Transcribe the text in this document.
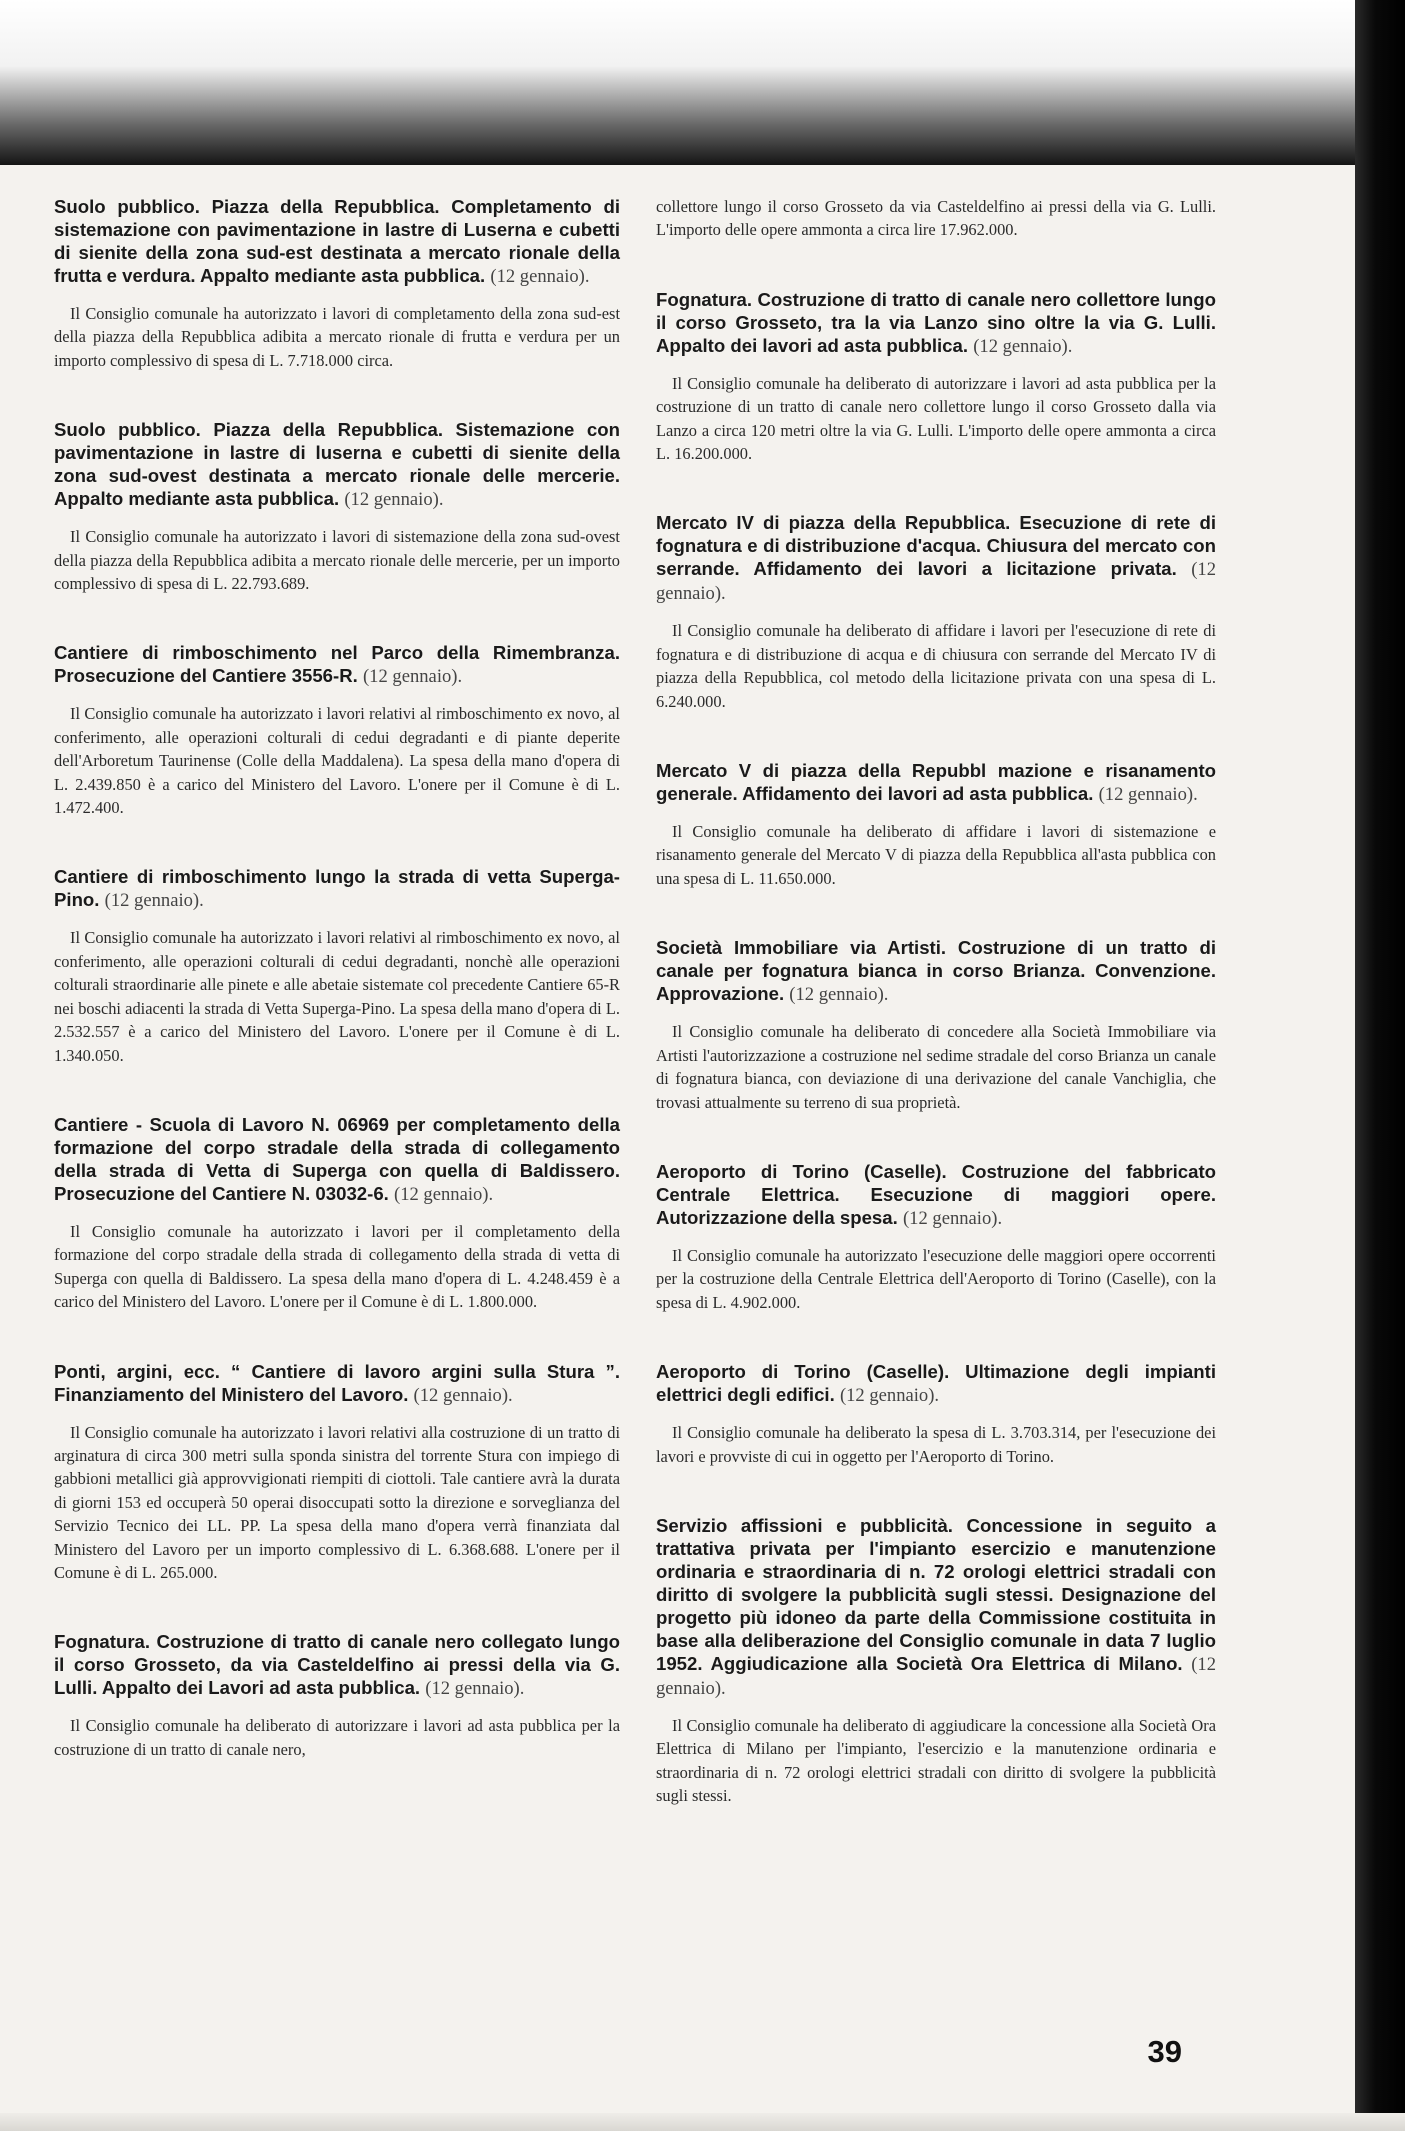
Suolo pubblico. Piazza della Repubblica. Completamento di sistemazione con pavimentazione in lastre di Luserna e cubetti di sienite della zona sud-est destinata a mercato rionale della frutta e verdura. Appalto mediante asta pubblica. (12 gennaio).

Il Consiglio comunale ha autorizzato i lavori di completamento della zona sud-est della piazza della Repubblica adibita a mercato rionale di frutta e verdura per un importo complessivo di spesa di L. 7.718.000 circa.

Suolo pubblico. Piazza della Repubblica. Sistemazione con pavimentazione in lastre di luserna e cubetti di sienite della zona sud-ovest destinata a mercato rionale delle mercerie. Appalto mediante asta pubblica. (12 gennaio).

Il Consiglio comunale ha autorizzato i lavori di sistemazione della zona sud-ovest della piazza della Repubblica adibita a mercato rionale delle mercerie, per un importo complessivo di spesa di L. 22.793.689.

Cantiere di rimboschimento nel Parco della Rimembranza. Prosecuzione del Cantiere 3556-R. (12 gennaio).

Il Consiglio comunale ha autorizzato i lavori relativi al rimboschimento ex novo, al conferimento, alle operazioni colturali di cedui degradanti e di piante deperite dell'Arboretum Taurinense (Colle della Maddalena). La spesa della mano d'opera di L. 2.439.850 è a carico del Ministero del Lavoro. L'onere per il Comune è di L. 1.472.400.

Cantiere di rimboschimento lungo la strada di vetta Superga-Pino. (12 gennaio).

Il Consiglio comunale ha autorizzato i lavori relativi al rimboschimento ex novo, al conferimento, alle operazioni colturali di cedui degradanti, nonchè alle operazioni colturali straordinarie alle pinete e alle abetaie sistemate col precedente Cantiere 65-R nei boschi adiacenti la strada di Vetta Superga-Pino. La spesa della mano d'opera di L. 2.532.557 è a carico del Ministero del Lavoro. L'onere per il Comune è di L. 1.340.050.

Cantiere - Scuola di Lavoro N. 06969 per completamento della formazione del corpo stradale della strada di collegamento della strada di Vetta di Superga con quella di Baldissero. Prosecuzione del Cantiere N. 03032-6. (12 gennaio).

Il Consiglio comunale ha autorizzato i lavori per il completamento della formazione del corpo stradale della strada di collegamento della strada di vetta di Superga con quella di Baldissero. La spesa della mano d'opera di L. 4.248.459 è a carico del Ministero del Lavoro. L'onere per il Comune è di L. 1.800.000.

Ponti, argini, ecc. “ Cantiere di lavoro argini sulla Stura ”. Finanziamento del Ministero del Lavoro. (12 gennaio).

Il Consiglio comunale ha autorizzato i lavori relativi alla costruzione di un tratto di arginatura di circa 300 metri sulla sponda sinistra del torrente Stura con impiego di gabbioni metallici già approvvigionati riempiti di ciottoli. Tale cantiere avrà la durata di giorni 153 ed occuperà 50 operai disoccupati sotto la direzione e sorveglianza del Servizio Tecnico dei LL. PP. La spesa della mano d'opera verrà finanziata dal Ministero del Lavoro per un importo complessivo di L. 6.368.688. L'onere per il Comune è di L. 265.000.

Fognatura. Costruzione di tratto di canale nero collegato lungo il corso Grosseto, da via Casteldelfino ai pressi della via G. Lulli. Appalto dei Lavori ad asta pubblica. (12 gennaio).

Il Consiglio comunale ha deliberato di autorizzare i lavori ad asta pubblica per la costruzione di un tratto di canale nero,

collettore lungo il corso Grosseto da via Casteldelfino ai pressi della via G. Lulli. L'importo delle opere ammonta a circa lire 17.962.000.

Fognatura. Costruzione di tratto di canale nero collettore lungo il corso Grosseto, tra la via Lanzo sino oltre la via G. Lulli. Appalto dei lavori ad asta pubblica. (12 gennaio).

Il Consiglio comunale ha deliberato di autorizzare i lavori ad asta pubblica per la costruzione di un tratto di canale nero collettore lungo il corso Grosseto dalla via Lanzo a circa 120 metri oltre la via G. Lulli. L'importo delle opere ammonta a circa L. 16.200.000.

Mercato IV di piazza della Repubblica. Esecuzione di rete di fognatura e di distribuzione d'acqua. Chiusura del mercato con serrande. Affidamento dei lavori a licitazione privata. (12 gennaio).

Il Consiglio comunale ha deliberato di affidare i lavori per l'esecuzione di rete di fognatura e di distribuzione di acqua e di chiusura con serrande del Mercato IV di piazza della Repubblica, col metodo della licitazione privata con una spesa di L. 6.240.000.

Mercato V di piazza della Repubbl mazione e risanamento generale. Affidamento dei lavori ad asta pubblica. (12 gennaio).

Il Consiglio comunale ha deliberato di affidare i lavori di sistemazione e risanamento generale del Mercato V di piazza della Repubblica all'asta pubblica con una spesa di L. 11.650.000.

Società Immobiliare via Artisti. Costruzione di un tratto di canale per fognatura bianca in corso Brianza. Convenzione. Approvazione. (12 gennaio).

Il Consiglio comunale ha deliberato di concedere alla Società Immobiliare via Artisti l'autorizzazione a costruzione nel sedime stradale del corso Brianza un canale di fognatura bianca, con deviazione di una derivazione del canale Vanchiglia, che trovasi attualmente su terreno di sua proprietà.

Aeroporto di Torino (Caselle). Costruzione del fabbricato Centrale Elettrica. Esecuzione di maggiori opere. Autorizzazione della spesa. (12 gennaio).

Il Consiglio comunale ha autorizzato l'esecuzione delle maggiori opere occorrenti per la costruzione della Centrale Elettrica dell'Aeroporto di Torino (Caselle), con la spesa di L. 4.902.000.

Aeroporto di Torino (Caselle). Ultimazione degli impianti elettrici degli edifici. (12 gennaio).

Il Consiglio comunale ha deliberato la spesa di L. 3.703.314, per l'esecuzione dei lavori e provviste di cui in oggetto per l'Aeroporto di Torino.

Servizio affissioni e pubblicità. Concessione in seguito a trattativa privata per l'impianto esercizio e manutenzione ordinaria e straordinaria di n. 72 orologi elettrici stradali con diritto di svolgere la pubblicità sugli stessi. Designazione del progetto più idoneo da parte della Commissione costituita in base alla deliberazione del Consiglio comunale in data 7 luglio 1952. Aggiudicazione alla Società Ora Elettrica di Milano. (12 gennaio).

Il Consiglio comunale ha deliberato di aggiudicare la concessione alla Società Ora Elettrica di Milano per l'impianto, l'esercizio e la manutenzione ordinaria e straordinaria di n. 72 orologi elettrici stradali con diritto di svolgere la pubblicità sugli stessi.

39
